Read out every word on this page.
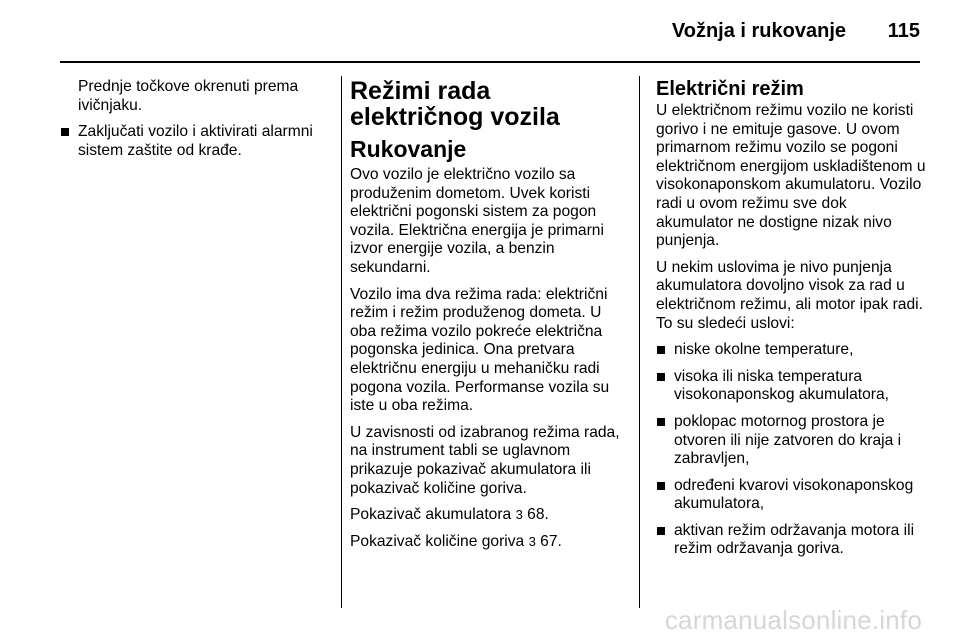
Vožnja i rukovanje 115

Prednje točkove okrenuti prema ivičnjaku.

Zaključati vozilo i aktivirati alarmni sistem zaštite od krađe.
Režimi rada električnog vozila
Rukovanje

Ovo vozilo je električno vozilo sa produženim dometom. Uvek koristi električni pogonski sistem za pogon vozila. Električna energija je primarni izvor energije vozila, a benzin sekundarni.

Vozilo ima dva režima rada: električni režim i režim produženog dometa. U oba režima vozilo pokreće električna pogonska jedinica. Ona pretvara električnu energiju u mehaničku radi pogona vozila. Performanse vozila su iste u oba režima.

U zavisnosti od izabranog režima rada, na instrument tabli se uglavnom prikazuje pokazivač akumulatora ili pokazivač količine goriva.

Pokazivač akumulatora 3 68.

Pokazivač količine goriva 3 67.

Električni režim

U električnom režimu vozilo ne koristi gorivo i ne emituje gasove. U ovom primarnom režimu vozilo se pogoni električnom energijom uskladištenom u visokonaponskom akumulatoru. Vozilo radi u ovom režimu sve dok akumulator ne dostigne nizak nivo punjenja.

U nekim uslovima je nivo punjenja akumulatora dovoljno visok za rad u električnom režimu, ali motor ipak radi. To su sledeći uslovi:

niske okolne temperature,
visoka ili niska temperatura visokonaponskog akumulatora,
poklopac motornog prostora je otvoren ili nije zatvoren do kraja i zabravljen,
određeni kvarovi visokonaponskog akumulatora,
aktivan režim održavanja motora ili režim održavanja goriva.
carmanualsonline.info
